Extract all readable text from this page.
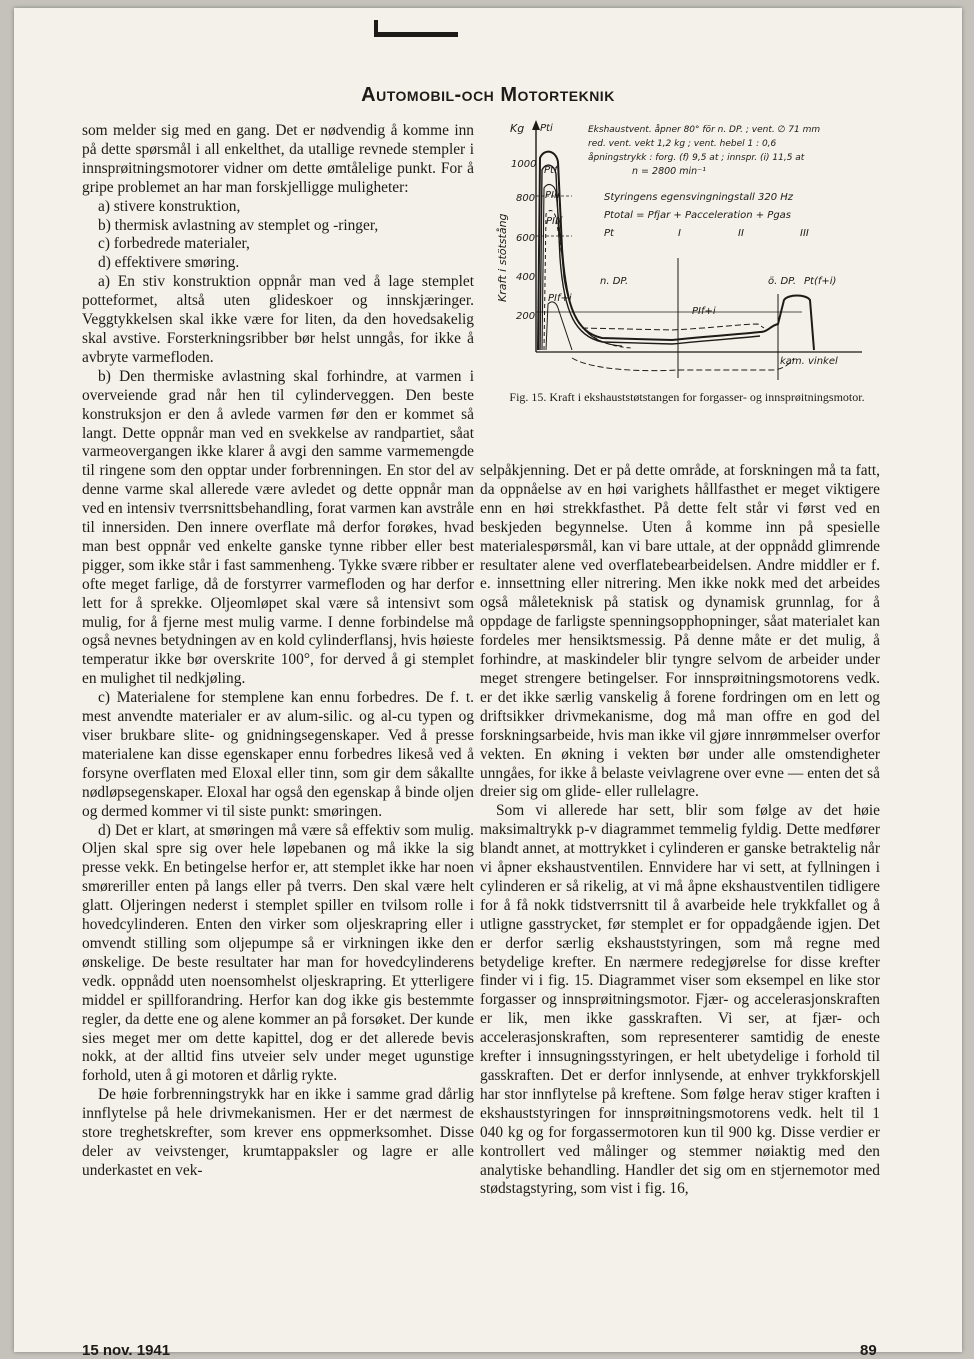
Automobil-och Motorteknik

som melder sig med en gang. Det er nødvendig å komme inn på dette spørsmål i all enkelthet, da utallige revnede stempler i innsprøitningsmotorer vidner om dette ømtålelige punkt. For å gripe problemet an har man forskjelligge muligheter:

a) stivere konstruktion,

b) thermisk avlastning av stemplet og -ringer,

c) forbedrede materialer,

d) effektivere smøring.

a) En stiv konstruktion oppnår man ved å lage stemplet potteformet, altså uten glideskoer og innskjæringer. Veggtykkelsen skal ikke være for liten, da den hovedsakelig skal avstive. Forsterkningsribber bør helst unngås, for ikke å avbryte varmefloden.

b) Den thermiske avlastning skal forhindre, at varmen i overveiende grad når hen til cylinderveggen. Den beste konstruksjon er den å avlede varmen før den er kommet så langt. Dette oppnår man ved en svekkelse av randpartiet, såat varmeovergangen ikke klarer å avgi den samme varmemengde til ringene som den opptar under forbrenningen. En stor del av denne varme skal allerede være avledet og dette oppnår man ved en intensiv tverrsnittsbehandling, forat varmen kan avstråle til innersiden. Den innere overflate må derfor forøkes, hvad man best oppnår ved enkelte ganske tynne ribber eller best pigger, som ikke står i fast sammenheng. Tykke svære ribber er ofte meget farlige, då de forstyrrer varmefloden og har derfor lett for å sprekke. Oljeomløpet skal være så intensivt som mulig, for å fjerne mest mulig varme. I denne forbindelse må også nevnes betydningen av en kold cylinderflansj, hvis høieste temperatur ikke bør overskrite 100°, for derved å gi stemplet en mulighet til nedkjøling.

c) Materialene for stemplene kan ennu forbedres. De f. t. mest anvendte materialer er av alum-silic. og al-cu typen og viser brukbare slite- og gnidningsegenskaper. Ved å presse materialene kan disse egenskaper ennu forbedres likeså ved å forsyne overflaten med Eloxal eller tinn, som gir dem såkallte nødløpsegenskaper. Eloxal har også den egenskap å binde oljen og dermed kommer vi til siste punkt: smøringen.

d) Det er klart, at smøringen må være så effektiv som mulig. Oljen skal spre sig over hele løpebanen og må ikke la sig presse vekk. En betingelse herfor er, att stemplet ikke har noen smøreriller enten på langs eller på tverrs. Den skal være helt glatt. Oljeringen nederst i stemplet spiller en tvilsom rolle i hovedcylinderen. Enten den virker som oljeskrapring eller i omvendt stilling som oljepumpe så er virkningen ikke den ønskelige. De beste resultater har man for hovedcylinderens vedk. oppnådd uten noensomhelst oljeskrapring. Et ytterligere middel er spillforandring. Herfor kan dog ikke gis bestemmte regler, da dette ene og alene kommer an på forsøket. Der kunde sies meget mer om dette kapittel, dog er det allerede bevis nokk, at der alltid fins utveier selv under meget ugunstige forhold, uten å gi motoren et dårlig rykte.

De høie forbrenningstrykk har en ikke i samme grad dårlig innflytelse på hele drivmekanismen. Her er det nærmest de store treghetskrefter, som krever ens oppmerksomhet. Disse deler av veivstenger, krumtappaksler og lagre er alle underkastet en vek-

Kg
1000
800
600
400
200
Kraft i stötstång
Pti
Ptf
PIIi
PIIf
PIf+i
PIf+i
Pt(f+i)
n. DP.	ö. DP.
kam. vinkel
Ekshaustvent. åpner 80° för n. DP. ; vent. ∅ 71 mm
red. vent. vekt 1,2 kg ; vent. hebel 1 : 0,6
åpningstrykk : forg. (f) 9,5 at ; innspr. (i) 11,5 at
n = 2800 min⁻¹
Styringens egensvingningstall 320 Hz
Ptotal = Pfjar + Pacceleration + Pgas
Pt	I	II	III
Fig. 15. Kraft i ekshauststøtstangen for forgasser- og innsprøitningsmotor.

selpåkjenning. Det er på dette område, at forskningen må ta fatt, da oppnåelse av en høi varighets hållfasthet er meget viktigere enn en høi strekkfasthet. På dette felt står vi først ved en beskjeden begynnelse. Uten å komme inn på spesielle materialespørsmål, kan vi bare uttale, at der oppnådd glimrende resultater alene ved overflatebearbeidelsen. Andre middler er f. e. innsettning eller nitrering. Men ikke nokk med det arbeides også måleteknisk på statisk og dynamisk grunnlag, for å oppdage de farligste spenningsopphopninger, såat materialet kan fordeles mer hensiktsmessig. På denne måte er det mulig, å forhindre, at maskindeler blir tyngre selvom de arbeider under meget strengere betingelser. For innsprøitningsmotorens vedk. er det ikke særlig vanskelig å forene fordringen om en lett og driftsikker drivmekanisme, dog må man offre en god del forskningsarbeide, hvis man ikke vil gjøre innrømmelser overfor vekten. En økning i vekten bør under alle omstendigheter unngåes, for ikke å belaste veivlagrene over evne — enten det så dreier sig om glide- eller rullelagre.

Som vi allerede har sett, blir som følge av det høie maksimaltrykk p-v diagrammet temmelig fyldig. Dette medfører blandt annet, at mottrykket i cylinderen er ganske betraktelig når vi åpner ekshaustventilen. Ennvidere har vi sett, at fyllningen i cylinderen er så rikelig, at vi må åpne ekshaustventilen tidligere for å få nokk tidstverrsnitt til å avarbeide hele trykkfallet og å utligne gasstrycket, før stemplet er for oppadgående igjen. Det er derfor særlig ekshauststyringen, som må regne med betydelige krefter. En nærmere redegjørelse for disse krefter finder vi i fig. 15. Diagrammet viser som eksempel en like stor forgasser og innsprøitningsmotor. Fjær- og accelerasjonskraften er lik, men ikke gasskraften. Vi ser, at fjær- och accelerasjonskraften, som representerer samtidig de eneste krefter i innsugningsstyringen, er helt ubetydelige i forhold til gasskraften. Det er derfor innlysende, at enhver trykkforskjell har stor innflytelse på kreftene. Som følge herav stiger kraften i ekshauststyringen for innsprøitningsmotorens vedk. helt til 1 040 kg og for forgassermotoren kun til 900 kg. Disse verdier er kontrollert ved målinger og stemmer nøiaktig med den analytiske behandling. Handler det sig om en stjernemotor med stødstagstyring, som vist i fig. 16,

15 nov. 1941	89
